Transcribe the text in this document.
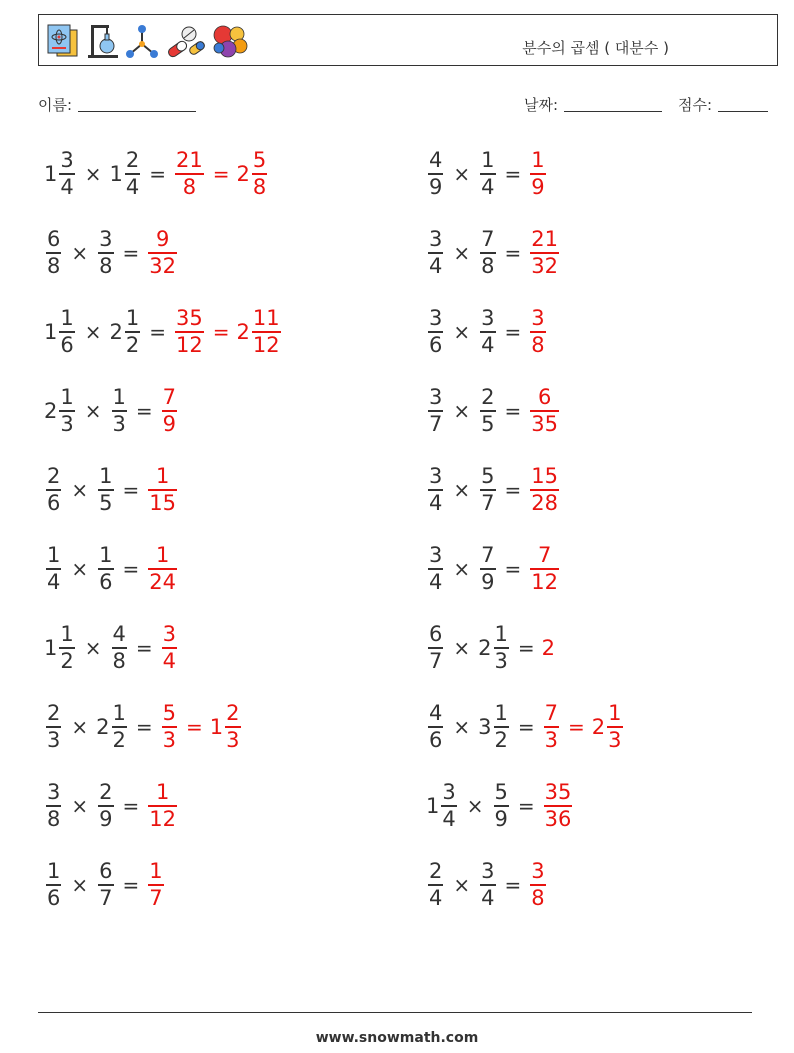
분수의 곱셈 ( 대분수 )
이름:	날짜:	점수:
$1 \frac{3}{4} \times 1 \frac{2}{4} = \frac{21}{8} = 2 \frac{5}{8}$	$\frac{4}{9} \times \frac{1}{4} = \frac{1}{9}$
$\frac{6}{8} \times \frac{3}{8} = \frac{9}{32}$	$\frac{3}{4} \times \frac{7}{8} = \frac{21}{32}$
$1 \frac{1}{6} \times 2 \frac{1}{2} = \frac{35}{12} = 2 \frac{11}{12}$	$\frac{3}{6} \times \frac{3}{4} = \frac{3}{8}$
$2 \frac{1}{3} \times \frac{1}{3} = \frac{7}{9}$	$\frac{3}{7} \times \frac{2}{5} = \frac{6}{35}$
$\frac{2}{6} \times \frac{1}{5} = \frac{1}{15}$	$\frac{3}{4} \times \frac{5}{7} = \frac{15}{28}$
$\frac{1}{4} \times \frac{1}{6} = \frac{1}{24}$	$\frac{3}{4} \times \frac{7}{9} = \frac{7}{12}$
$1 \frac{1}{2} \times \frac{4}{8} = \frac{3}{4}$	$\frac{6}{7} \times 2 \frac{1}{3} = 2$
$\frac{2}{3} \times 2 \frac{1}{2} = \frac{5}{3} = 1 \frac{2}{3}$	$\frac{4}{6} \times 3 \frac{1}{2} = \frac{7}{3} = 2 \frac{1}{3}$
$\frac{3}{8} \times \frac{2}{9} = \frac{1}{12}$	$1 \frac{3}{4} \times \frac{5}{9} = \frac{35}{36}$
$\frac{1}{6} \times \frac{6}{7} = \frac{1}{7}$	$\frac{2}{4} \times \frac{3}{4} = \frac{3}{8}$
www.snowmath.com
